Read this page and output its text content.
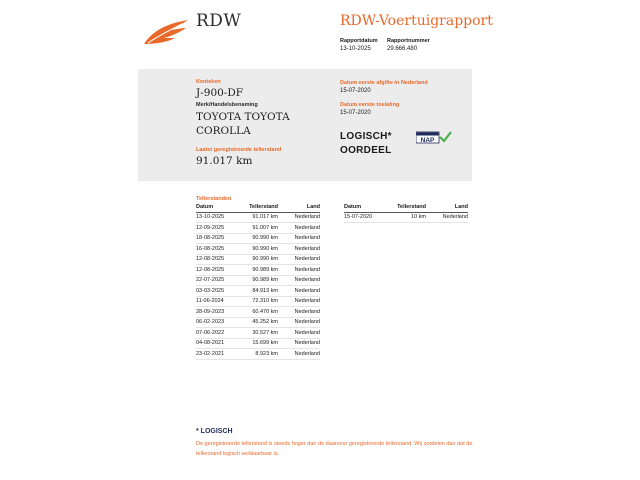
RDW	RDW-Voertuigrapport
Rapportdatum
13-10-2025
Rapportnummer
29.666.480
Kenteken
J-900-DF
Merk/Handelsbenaming
TOYOTA TOYOTA
COROLLA
Laatst geregistreerde tellerstand
91.017 km
Datum eerste afgifte in Nederland
15-07-2020
Datum eerste toelating
15-07-2020
LOGISCH*
OORDEEL
NAP
Tellerstanden
Datum	Tellerstand	Land
13-10-2025	91.017 km	Nederland
12-09-2025	91.007 km	Nederland
18-08-2025	90.990 km	Nederland
16-08-2025	90.990 km	Nederland
12-08-2025	90.990 km	Nederland
12-08-2025	90.989 km	Nederland
22-07-2025	90.989 km	Nederland
03-03-2025	84.913 km	Nederland
11-06-2024	72.310 km	Nederland
28-09-2023	60.470 km	Nederland
06-02-2023	45.252 km	Nederland
07-06-2022	30.527 km	Nederland
04-08-2021	15.699 km	Nederland
23-02-2021	8.923 km	Nederland
Datum	Tellerstand	Land
15-07-2020	10 km	Nederland
* LOGISCH
De geregistreerde tellerstand is steeds hoger dan de daarvoor geregistreerde tellerstand. Wij oordelen dan dat de tellerstand logisch verklaarbaar is.
